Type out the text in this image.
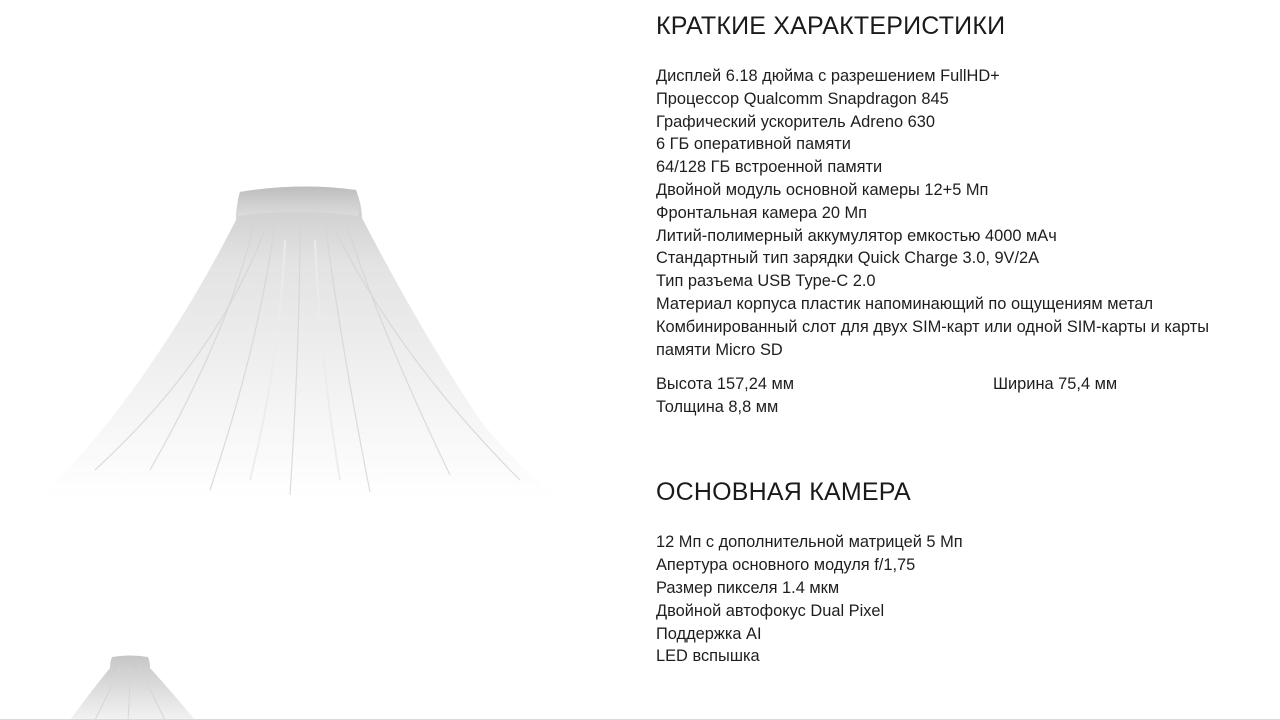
КРАТКИЕ ХАРАКТЕРИСТИКИ
Дисплей 6.18 дюйма с разрешением FullHD+
Процессор Qualcomm Snapdragon 845
Графический ускоритель Adreno 630
6 ГБ оперативной памяти
64/128 ГБ встроенной памяти
Двойной модуль основной камеры 12+5 Мп
Фронтальная камера 20 Мп
Литий-полимерный аккумулятор емкостью 4000 мАч
Стандартный тип зарядки Quick Charge 3.0, 9V/2A
Тип разъема USB Type-C 2.0
Материал корпуса пластик напоминающий по ощущениям метал
Комбинированный слот для двух SIM-карт или одной SIM-карты и карты памяти Micro SD
Высота 157,24 мм	Ширина 75,4 мм
Толщина 8,8 мм
ОСНОВНАЯ КАМЕРА
12 Мп с дополнительной матрицей 5 Мп
Апертура основного модуля f/1,75
Размер пикселя 1.4 мкм
Двойной автофокус Dual Pixel
Поддержка AI
LED вспышка
